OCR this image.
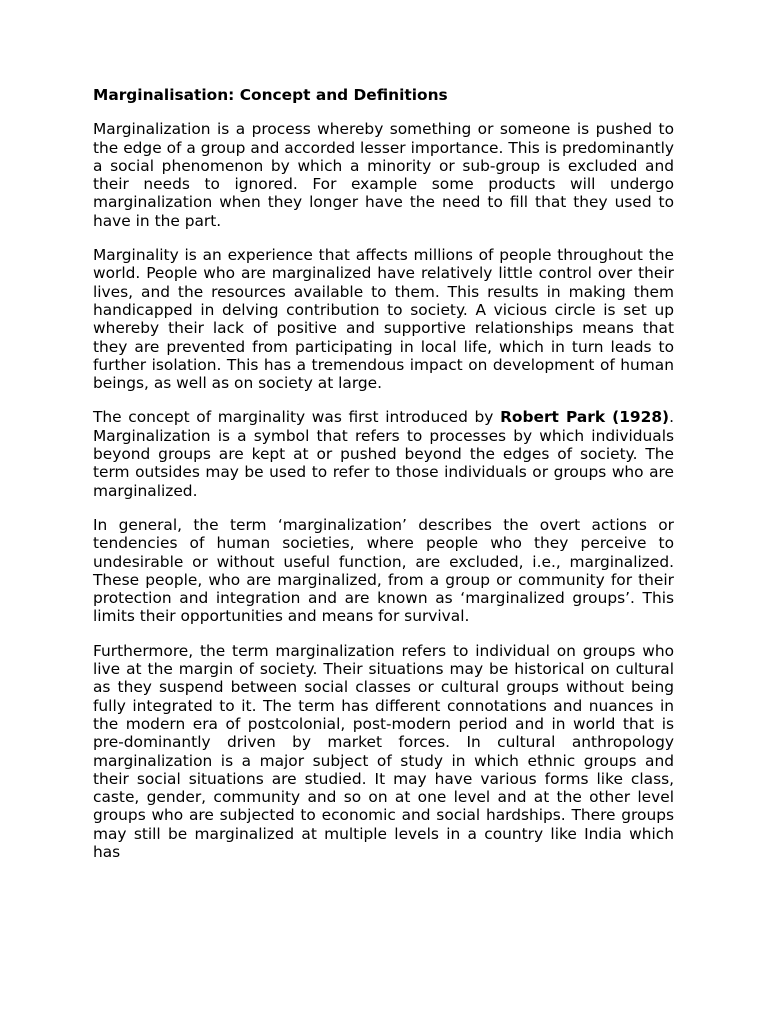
Marginalisation: Concept and Definitions

Marginalization is a process whereby something or someone is pushed to the edge of a group and accorded lesser importance. This is predominantly a social phenomenon by which a minority or sub-group is excluded and their needs to ignored. For example some products will undergo marginalization when they longer have the need to fill that they used to have in the part.

Marginality is an experience that affects millions of people throughout the world. People who are marginalized have relatively little control over their lives, and the resources available to them. This results in making them handicapped in delving contribution to society. A vicious circle is set up whereby their lack of positive and supportive relationships means that they are prevented from participating in local life, which in turn leads to further isolation. This has a tremendous impact on development of human beings, as well as on society at large.

The concept of marginality was first introduced by Robert Park (1928). Marginalization is a symbol that refers to processes by which individuals beyond groups are kept at or pushed beyond the edges of society. The term outsides may be used to refer to those individuals or groups who are marginalized.

In general, the term ‘marginalization’ describes the overt actions or tendencies of human societies, where people who they perceive to undesirable or without useful function, are excluded, i.e., marginalized. These people, who are marginalized, from a group or community for their protection and integration and are known as ‘marginalized groups’. This limits their opportunities and means for survival.

Furthermore, the term marginalization refers to individual on groups who live at the margin of society. Their situations may be historical on cultural as they suspend between social classes or cultural groups without being fully integrated to it. The term has different connotations and nuances in the modern era of postcolonial, post-modern period and in world that is pre-dominantly driven by market forces. In cultural anthropology marginalization is a major subject of study in which ethnic groups and their social situations are studied. It may have various forms like class, caste, gender, community and so on at one level and at the other level groups who are subjected to economic and social hardships. There groups may still be marginalized at multiple levels in a country like India which has
